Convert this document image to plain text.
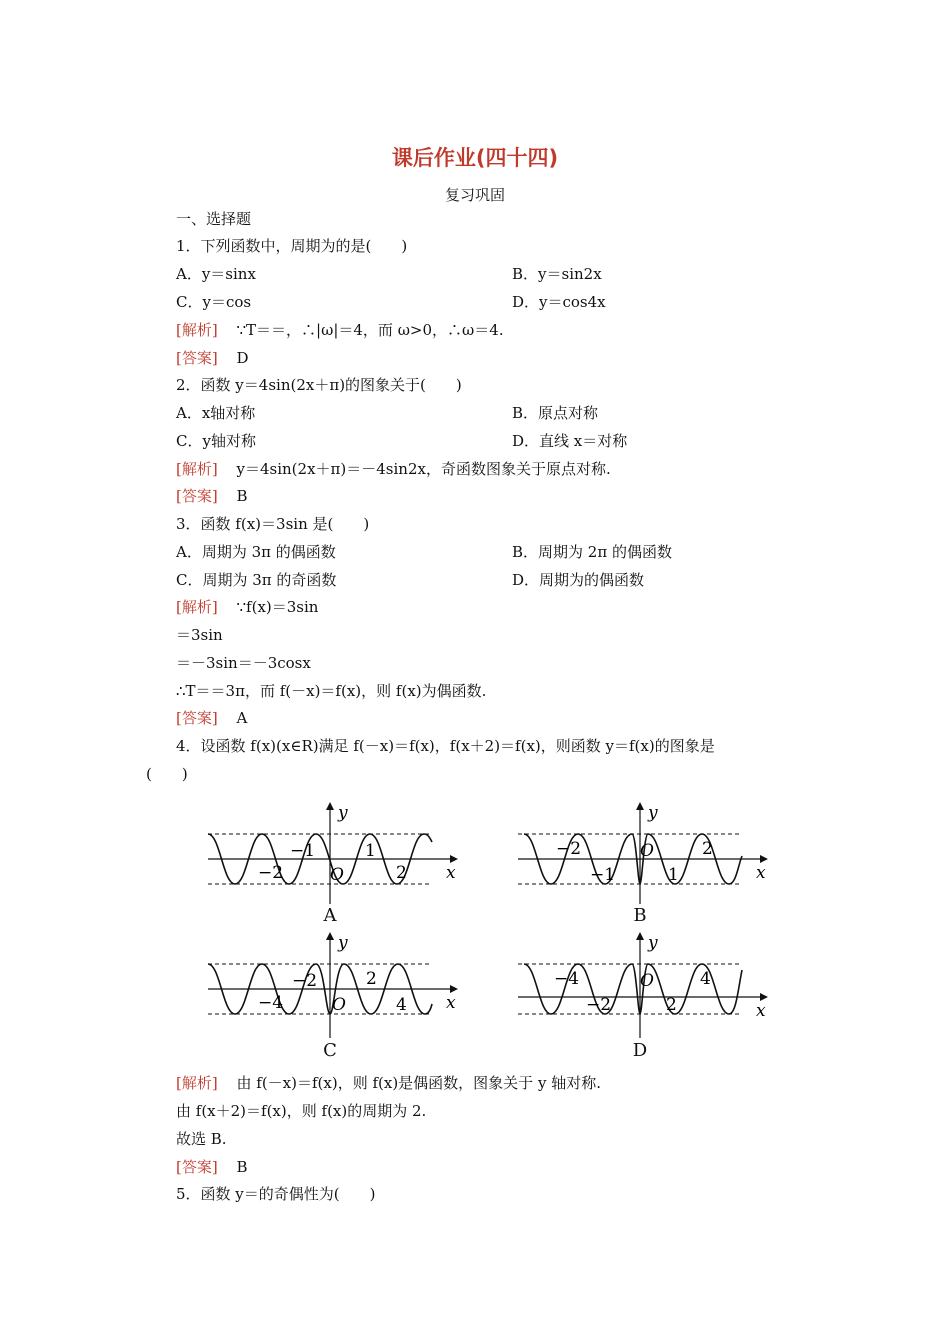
课后作业(四十四)
复习巩固
一、选择题
1．下列函数中，周期为的是(　　)
A．y＝sinx	B．y＝sin2x
C．y＝cos	D．y＝cos4x
[解析] ∵T＝＝，∴|ω|＝4，而 ω>0，∴ω＝4.
[答案] D
2．函数 y＝4sin(2x＋π)的图象关于(　　)
A．x轴对称	B．原点对称
C．y轴对称	D．直线 x＝对称
[解析] y＝4sin(2x＋π)＝－4sin2x，奇函数图象关于原点对称.
[答案] B
3．函数 f(x)＝3sin 是(　　)
A．周期为 3π 的偶函数	B．周期为 2π 的偶函数
C．周期为 3π 的奇函数	D．周期为的偶函数
[解析] ∵f(x)＝3sin
＝3sin
＝－3sin＝－3cosx
∴T＝＝3π，而 f(－x)＝f(x)，则 f(x)为偶函数.
[答案] A
4．设函数 f(x)(x∈R)满足 f(－x)＝f(x)，f(x＋2)＝f(x)，则函数 y＝f(x)的图象是
(　　)
y
x
O
−1	1
−2	2
A
y
x
O
−2	2
−1	1
B
y
x
O
−2	2
−4	4
C
y
x
O
−4	4
−2	2
D
[解析] 由 f(－x)＝f(x)，则 f(x)是偶函数，图象关于 y 轴对称.
由 f(x＋2)＝f(x)，则 f(x)的周期为 2.
故选 B.
[答案] B
5．函数 y＝的奇偶性为(　　)
